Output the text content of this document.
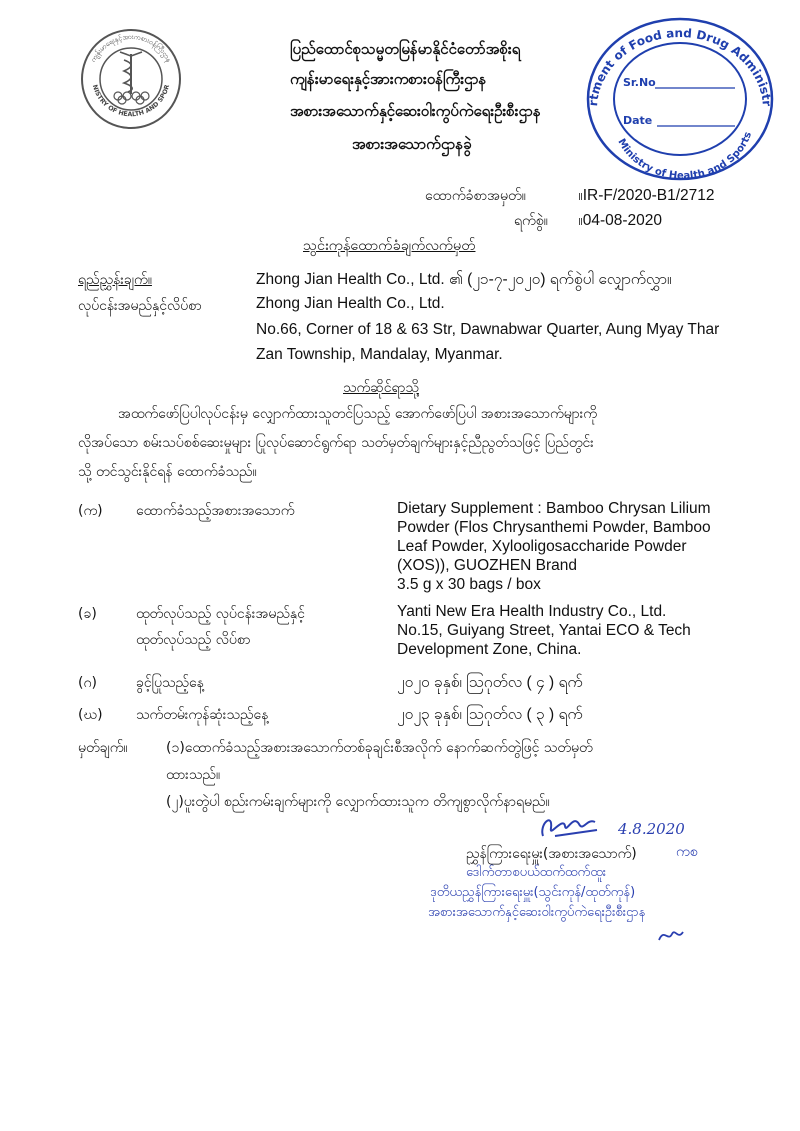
ကျန်းမာရေးနှင့်အားကစားဝန်ကြီးဌာန
NISTRY OF HEALTH AND SPOR
ပြည်ထောင်စုသမ္မတမြန်မာနိုင်ငံတော်အစိုးရ
ကျန်းမာရေးနှင့်အားကစားဝန်ကြီးဌာန
အစားအသောက်နှင့်ဆေးဝါးကွပ်ကဲရေးဦးစီးဌာန
အစားအသောက်ဌာနခွဲ
rtment of Food and Drug Administr
Ministry of Health and Sports
Sr.No
Date
ထောက်ခံစာအမှတ်။	။IR-F/2020-B1/2712
ရက်စွဲ။ ။04-08-2020
သွင်းကုန်ထောက်ခံချက်လက်မှတ်
ရည်ညွှန်းချက်။	Zhong Jian Health Co., Ltd. ၏ (၂၁-၇-၂၀၂၀) ရက်စွဲပါ လျှောက်လွှာ။
လုပ်ငန်းအမည်နှင့်လိပ်စာ	Zhong Jian Health Co., Ltd.
No.66, Corner of 18 & 63 Str, Dawnabwar Quarter, Aung Myay Thar
Zan Township, Mandalay, Myanmar.
သက်ဆိုင်ရာသို့
အထက်ဖော်ပြပါလုပ်ငန်းမှ လျှောက်ထားသူတင်ပြသည့် အောက်ဖော်ပြပါ အစားအသောက်များကို
လိုအပ်သော စမ်းသပ်စစ်ဆေးမှုများ ပြုလုပ်ဆောင်ရွက်ရာ သတ်မှတ်ချက်များနှင့်ညီညွတ်သဖြင့် ပြည်တွင်း
သို့ တင်သွင်းနိုင်ရန် ထောက်ခံသည်။
(က) ထောက်ခံသည့်အစားအသောက်	Dietary Supplement : Bamboo Chrysan Lilium
Powder (Flos Chrysanthemi Powder, Bamboo
Leaf Powder, Xylooligosaccharide Powder
(XOS)), GUOZHEN Brand
3.5 g x 30 bags / box
(ခ)	ထုတ်လုပ်သည့် လုပ်ငန်းအမည်နှင့်
ထုတ်လုပ်သည့် လိပ်စာ
Yanti New Era Health Industry Co., Ltd.
No.15, Guiyang Street, Yantai ECO & Tech
Development Zone, China.
(ဂ)	ခွင့်ပြုသည့်နေ့	၂၀၂၀ ခုနှစ်၊ ဩဂုတ်လ ( ၄ ) ရက်
(ဃ) သက်တမ်းကုန်ဆုံးသည့်နေ့	၂၀၂၃ ခုနှစ်၊ ဩဂုတ်လ ( ၃ ) ရက်
မှတ်ချက်။	(၁)ထောက်ခံသည့်အစားအသောက်တစ်ခုချင်းစီအလိုက် နောက်ဆက်တွဲဖြင့် သတ်မှတ်
ထားသည်။
(၂)ပူးတွဲပါ စည်းကမ်းချက်များကို လျှောက်ထားသူက တိကျစွာလိုက်နာရမည်။
4.8.2020
ညွှန်ကြားရေးမှူး(အစားအသောက်)	ကစ
ဒေါက်တာစပယ်ထက်ထက်ထူး
ဒုတိယညွှန်ကြားရေးမှူး(သွင်းကုန်/ထုတ်ကုန်)
အစားအသောက်နှင့်ဆေးဝါးကွပ်ကဲရေးဦးစီးဌာန
